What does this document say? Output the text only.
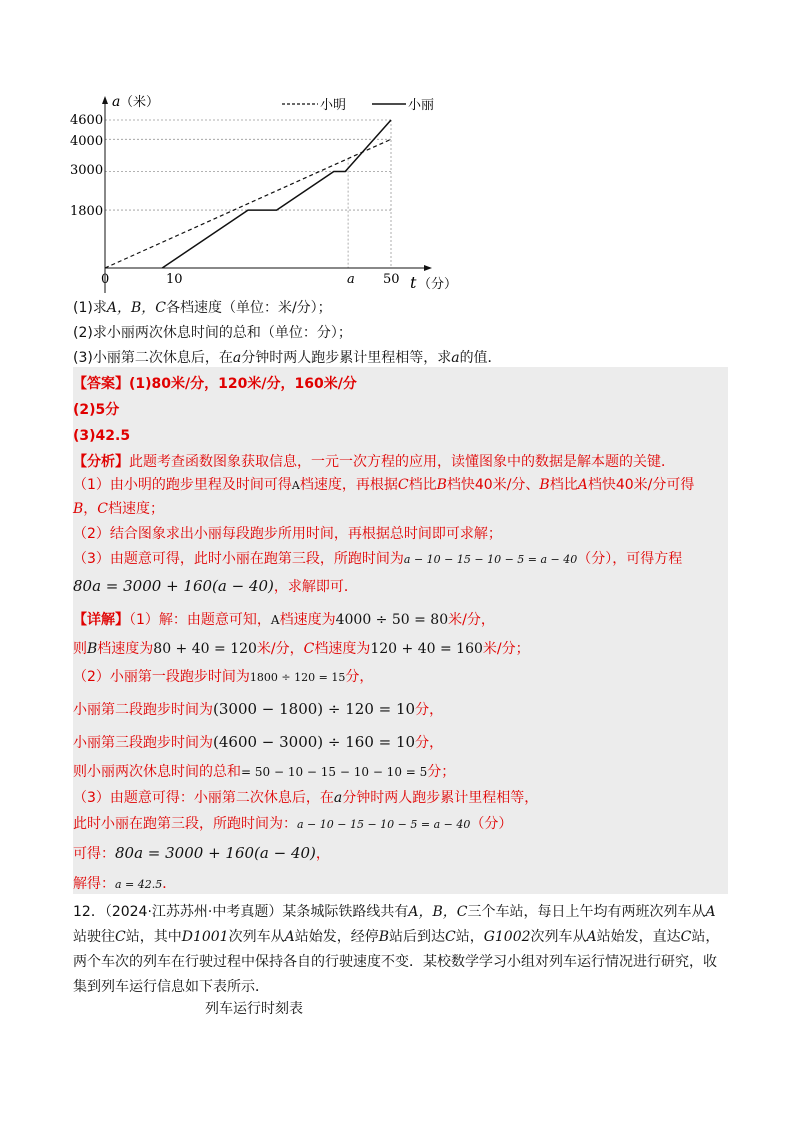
a （米）
t （分）
4600
4000
3000
1800
0	10	a 50
小明	小丽
(1)求A，B，C各档速度（单位：米/分）；
(2)求小丽两次休息时间的总和（单位：分）；
(3)小丽第二次休息后，在a分钟时两人跑步累计里程相等，求a的值．
【答案】(1)80米/分，120米/分，160米/分
(2)5分
(3)42.5
【分析】此题考查函数图象获取信息，一元一次方程的应用，读懂图象中的数据是解本题的关键．
（1）由小明的跑步里程及时间可得A档速度，再根据C档比B档快40米/分、B档比A档快40米/分可得
B，C档速度；
（2）结合图象求出小丽每段跑步所用时间，再根据总时间即可求解；
（3）由题意可得，此时小丽在跑第三段，所跑时间为a − 10 − 15 − 10 − 5 = a − 40（分），可得方程
80a = 3000 + 160(a − 40)，求解即可．
【详解】（1）解：由题意可知，A档速度为4000 ÷ 50 = 80米/分，
则B档速度为80 + 40 = 120米/分，C档速度为120 + 40 = 160米/分；
（2）小丽第一段跑步时间为1800 ÷ 120 = 15分，
小丽第二段跑步时间为(3000 − 1800) ÷ 120 = 10分，
小丽第三段跑步时间为(4600 − 3000) ÷ 160 = 10分，
则小丽两次休息时间的总和= 50 − 10 − 15 − 10 − 10 = 5分；
（3）由题意可得：小丽第二次休息后，在a分钟时两人跑步累计里程相等，
此时小丽在跑第三段，所跑时间为：a − 10 − 15 − 10 − 5 = a − 40（分）
可得：80a = 3000 + 160(a − 40)，
解得：a = 42.5．
12．（2024·江苏苏州·中考真题）某条城际铁路线共有A，B，C三个车站，每日上午均有两班次列车从A
站驶往C站，其中D1001次列车从A站始发，经停B站后到达C站，G1002次列车从A站始发，直达C站，
两个车次的列车在行驶过程中保持各自的行驶速度不变．某校数学学习小组对列车运行情况进行研究，收
集到列车运行信息如下表所示．
列车运行时刻表
